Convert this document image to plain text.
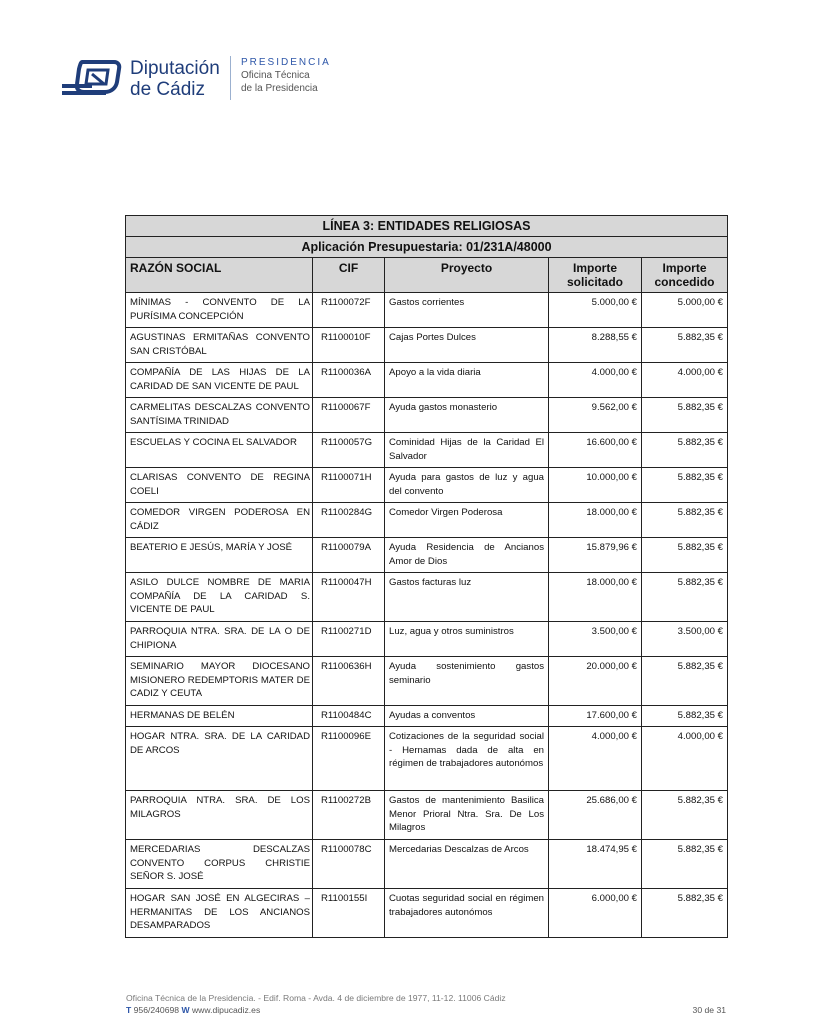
Diputación
de Cádiz
PRESIDENCIA
Oficina Técnica
de la Presidencia
LÍNEA 3: ENTIDADES RELIGIOSAS				
Aplicación Presupuestaria: 01/231A/48000				
RAZÓN SOCIAL	CIF	Proyecto	Importe solicitado	Importe concedido
MÍNIMAS - CONVENTO DE LA PURÍSIMA CONCEPCIÓN	R1100072F	Gastos corrientes	5.000,00 €	5.000,00 €
AGUSTINAS ERMITAÑAS CONVENTO SAN CRISTÓBAL	R1100010F	Cajas Portes Dulces	8.288,55 €	5.882,35 €
COMPAÑÍA DE LAS HIJAS DE LA CARIDAD DE SAN VICENTE DE PAUL	R1100036A	Apoyo a la vida diaria	4.000,00 €	4.000,00 €
CARMELITAS DESCALZAS CONVENTO SANTÍSIMA TRINIDAD	R1100067F	Ayuda gastos monasterio	9.562,00 €	5.882,35 €
ESCUELAS Y COCINA EL SALVADOR	R1100057G	Cominidad Hijas de la Caridad El Salvador	16.600,00 €	5.882,35 €
CLARISAS CONVENTO DE REGINA COELI	R1100071H	Ayuda para gastos de luz y agua del convento	10.000,00 €	5.882,35 €
COMEDOR VIRGEN PODEROSA EN CÁDIZ	R1100284G	Comedor Virgen Poderosa	18.000,00 €	5.882,35 €
BEATERIO E JESÚS, MARÍA Y JOSÉ	R1100079A	Ayuda Residencia de Ancianos Amor de Dios	15.879,96 €	5.882,35 €
ASILO DULCE NOMBRE DE MARIA COMPAÑÍA DE LA CARIDAD S. VICENTE DE PAUL	R1100047H	Gastos facturas luz	18.000,00 €	5.882,35 €
PARROQUIA NTRA. SRA. DE LA O DE CHIPIONA	R1100271D	Luz, agua y otros suministros	3.500,00 €	3.500,00 €
SEMINARIO MAYOR DIOCESANO MISIONERO REDEMPTORIS MATER DE CADIZ Y CEUTA	R1100636H	Ayuda sostenimiento gastos seminario	20.000,00 €	5.882,35 €
HERMANAS DE BELÉN	R1100484C	Ayudas a conventos	17.600,00 €	5.882,35 €
HOGAR NTRA. SRA. DE LA CARIDAD DE ARCOS	R1100096E	Cotizaciones de la seguridad social - Hernamas dada de alta en régimen de trabajadores autonómos	4.000,00 €	4.000,00 €
PARROQUIA NTRA. SRA. DE LOS MILAGROS	R1100272B	Gastos de mantenimiento Basilica Menor Prioral Ntra. Sra. De Los Milagros	25.686,00 €	5.882,35 €
MERCEDARIAS DESCALZAS CONVENTO CORPUS CHRISTIE SEÑOR S. JOSÉ	R1100078C	Mercedarias Descalzas de Arcos	18.474,95 €	5.882,35 €
HOGAR SAN JOSÉ EN ALGECIRAS – HERMANITAS DE LOS ANCIANOS DESAMPARADOS	R1100155I	Cuotas seguridad social en régimen trabajadores autonómos	6.000,00 €	5.882,35 €
Oficina Técnica de la Presidencia. - Edif. Roma - Avda. 4 de diciembre de 1977, 11-12. 11006 Cádiz
T 956/240698 W www.dipucadiz.es	30 de 31
